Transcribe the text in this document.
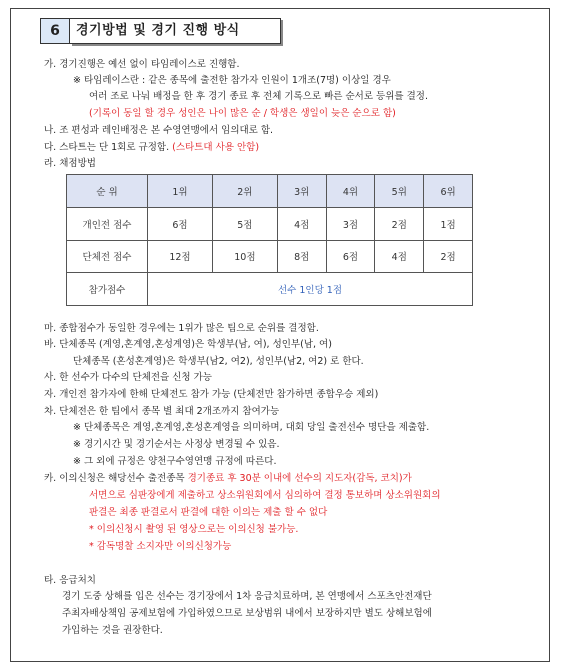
6	경기방법 및 경기 진행 방식
가. 경기진행은 예선 없이 타임레이스로 진행함.
※ 타임레이스란 : 같은 종목에 출전한 참가자 인원이 1개조(7명) 이상일 경우
여러 조로 나눠 배정을 한 후 경기 종료 후 전체 기록으로 빠른 순서로 등위를 결정.
(기록이 동일 할 경우 성인은 나이 많은 순 / 학생은 생일이 늦은 순으로 함)
나. 조 편성과 레인배정은 본 수영연맹에서 임의대로 함.
다. 스타트는 단 1회로 규정함. (스타트대 사용 안함)
라. 채점방법
순 위	1위	2위	3위	4위	5위	6위
개인전 점수	6점	5점	4점	3점	2점	1점
단체전 점수	12점	10점	8점	6점	4점	2점
참가점수	선수 1인당 1점					
마. 종합점수가 동일한 경우에는 1위가 많은 팀으로 순위를 결정함.
바. 단체종목 (계영,혼계영,혼성계영)은 학생부(남, 여), 성인부(남, 여)
단체종목 (혼성혼계영)은 학생부(남2, 여2), 성인부(남2, 여2) 로 한다.
사. 한 선수가 다수의 단체전을 신청 가능
자. 개인전 참가자에 한해 단체전도 참가 가능 (단체전만 참가하면 종합우승 제외)
차. 단체전은 한 팀에서 종목 별 최대 2개조까지 참여가능
※ 단체종목은 계영,혼계영,혼성혼계영을 의미하며, 대회 당일 출전선수 명단을 제출함.
※ 경기시간 및 경기순서는 사정상 변경될 수 있음.
※ 그 외에 규정은 양천구수영연맹 규정에 따른다.
카. 이의신청은 해당선수 출전종목 경기종료 후 30분 이내에 선수의 지도자(감독, 코치)가
서면으로 심판장에게 제출하고 상소위원회에서 심의하여 결정 통보하며 상소위원회의
판결은 최종 판결로서 판결에 대한 이의는 제출 할 수 없다
* 이의신청시 촬영 된 영상으로는 이의신청 불가능.
* 감독명찰 소지자만 이의신청가능
타. 응급처치
경기 도중 상해를 입은 선수는 경기장에서 1차 응급치료하며, 본 연맹에서 스포츠안전재단
주최자배상책임 공제보험에 가입하였으므로 보상범위 내에서 보장하지만 별도 상해보험에
가입하는 것을 권장한다.
